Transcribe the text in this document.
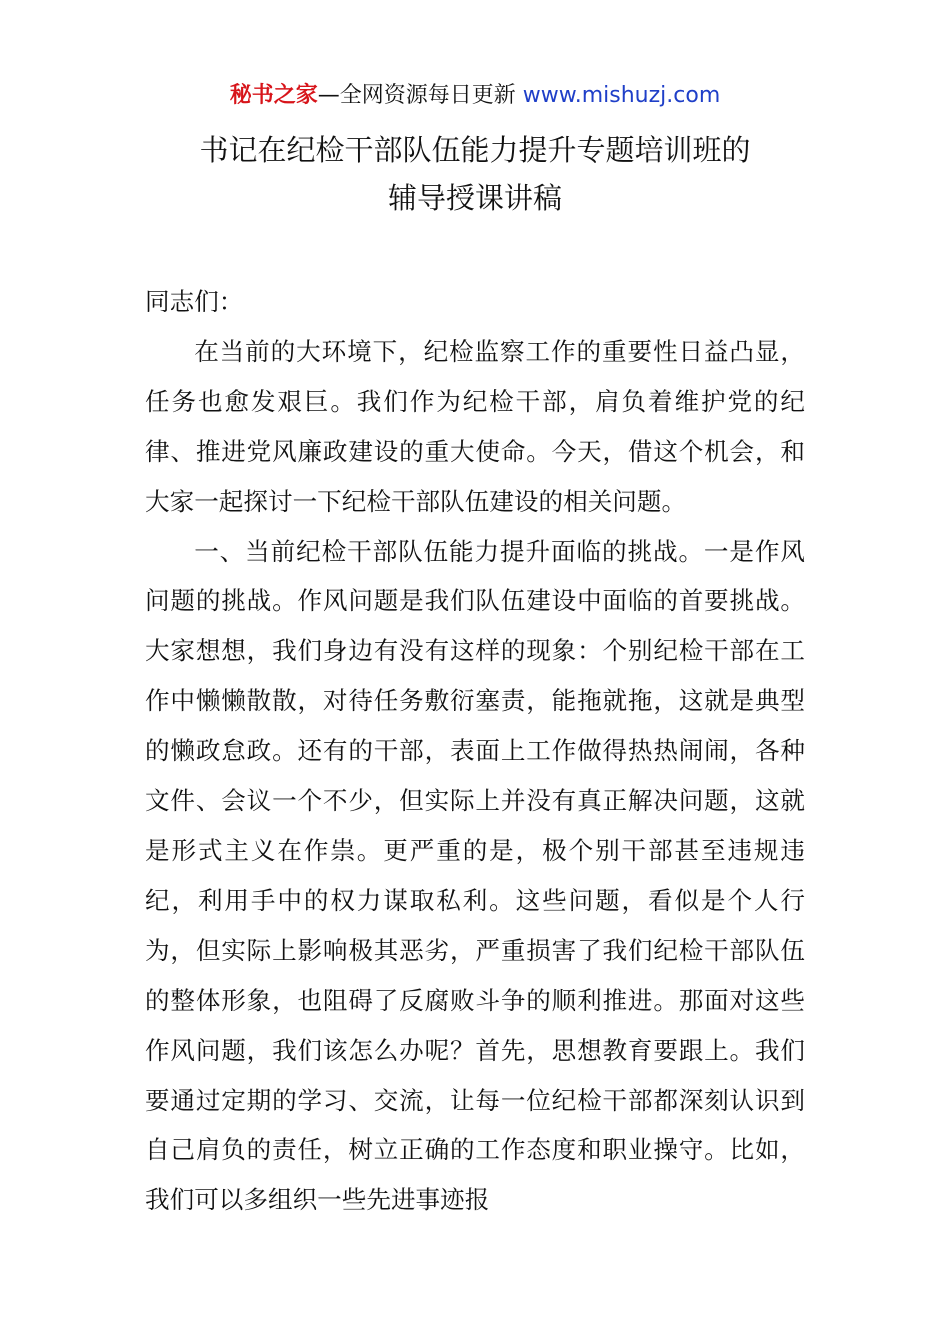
秘书之家—全网资源每日更新 www.mishuzj.com
书记在纪检干部队伍能力提升专题培训班的
辅导授课讲稿

同志们：

在当前的大环境下，纪检监察工作的重要性日益凸显，任务也愈发艰巨。我们作为纪检干部，肩负着维护党的纪律、推进党风廉政建设的重大使命。今天，借这个机会，和大家一起探讨一下纪检干部队伍建设的相关问题。

一、当前纪检干部队伍能力提升面临的挑战。一是作风问题的挑战。作风问题是我们队伍建设中面临的首要挑战。大家想想，我们身边有没有这样的现象：个别纪检干部在工作中懒懒散散，对待任务敷衍塞责，能拖就拖，这就是典型的懒政怠政。还有的干部，表面上工作做得热热闹闹，各种文件、会议一个不少，但实际上并没有真正解决问题，这就是形式主义在作祟。更严重的是，极个别干部甚至违规违纪，利用手中的权力谋取私利。这些问题，看似是个人行为，但实际上影响极其恶劣，严重损害了我们纪检干部队伍的整体形象，也阻碍了反腐败斗争的顺利推进。那面对这些作风问题，我们该怎么办呢？首先，思想教育要跟上。我们要通过定期的学习、交流，让每一位纪检干部都深刻认识到自己肩负的责任，树立正确的工作态度和职业操守。比如，我们可以多组织一些先进事迹报
